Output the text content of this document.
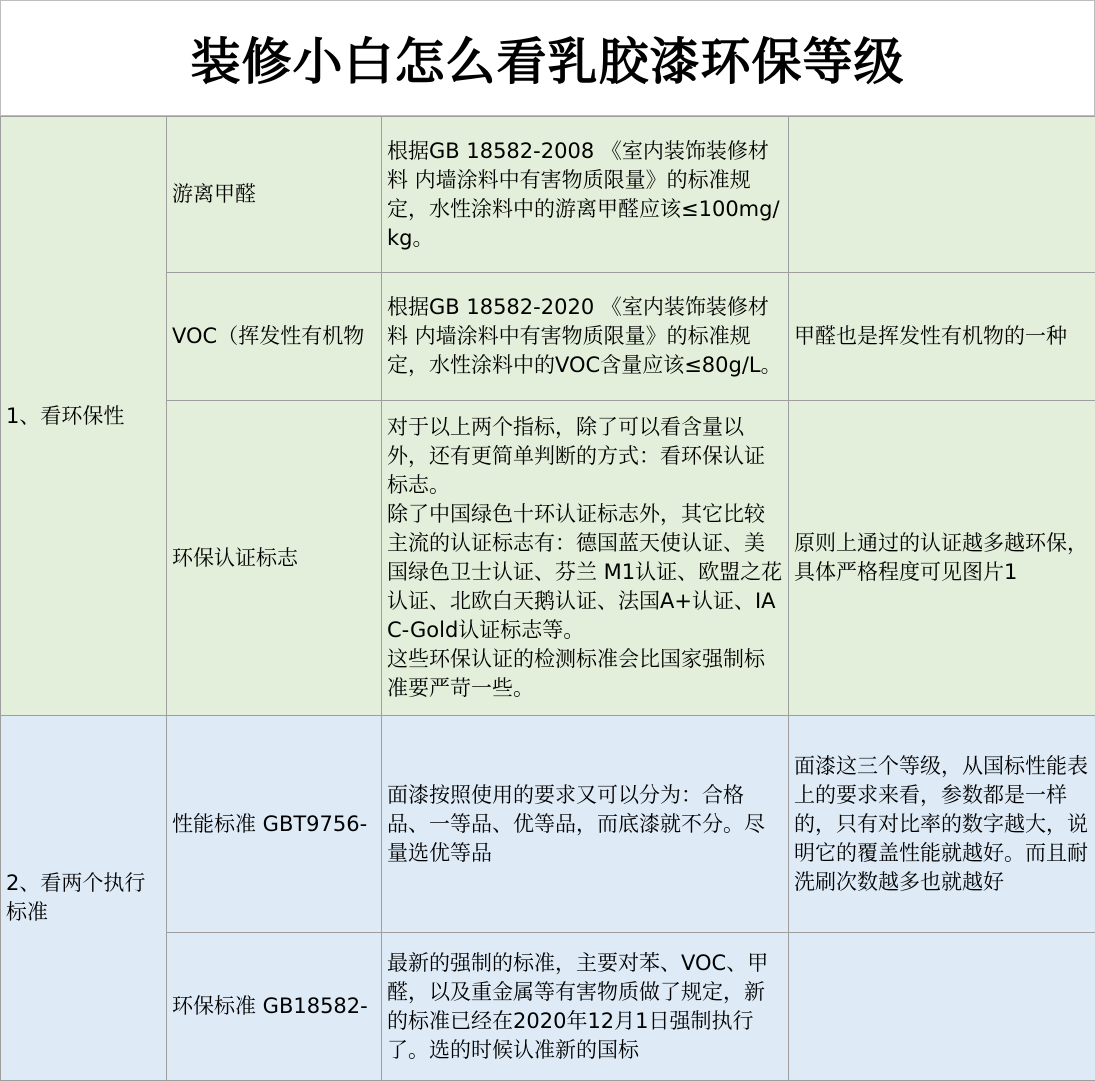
装修小白怎么看乳胶漆环保等级
1、看环保性	游离甲醛	根据GB 18582-2008 《室内装饰装修材料 内墙涂料中有害物质限量》的标准规定，水性涂料中的游离甲醛应该≤100mg/kg。	

	VOC（挥发性有机物	根据GB 18582-2020 《室内装饰装修材料 内墙涂料中有害物质限量》的标准规定，水性涂料中的VOC含量应该≤80g/L。	甲醛也是挥发性有机物的一种
	环保认证标志	对于以上两个指标，除了可以看含量以外，还有更简单判断的方式：看环保认证标志。
除了中国绿色十环认证标志外，其它比较主流的认证标志有：德国蓝天使认证、美国绿色卫士认证、芬兰 M1认证、欧盟之花认证、北欧白天鹅认证、法国A+认证、IAC-Gold认证标志等。
这些环保认证的检测标准会比国家强制标准要严苛一些。	原则上通过的认证越多越环保，具体严格程度可见图片1
2、看两个执行标准	性能标准 GBT9756-	面漆按照使用的要求又可以分为：合格品、一等品、优等品，而底漆就不分。尽量选优等品	面漆这三个等级，从国标性能表上的要求来看，参数都是一样的，只有对比率的数字越大，说明它的覆盖性能就越好。而且耐洗刷次数越多也就越好
	环保标准 GB18582-	最新的强制的标准，主要对苯、VOC、甲醛，以及重金属等有害物质做了规定，新的标准已经在2020年12月1日强制执行了。选的时候认准新的国标	
